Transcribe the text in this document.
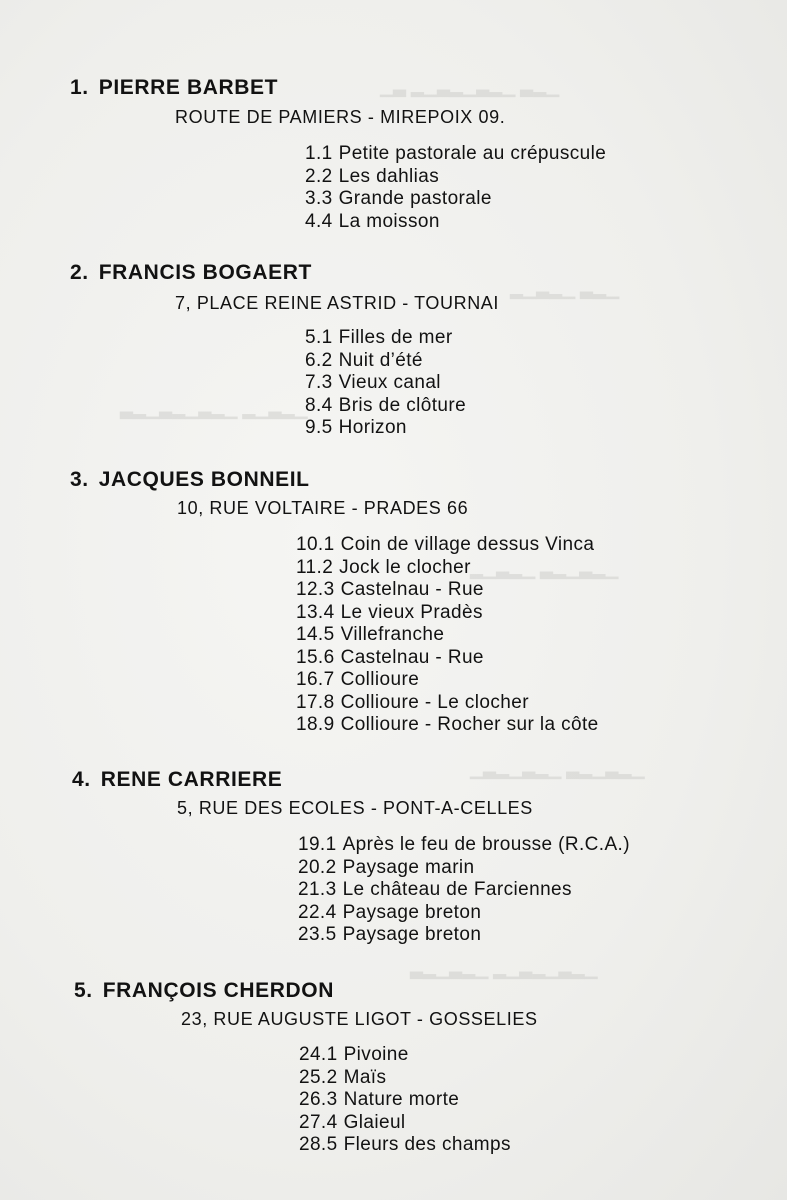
▁▂▃ ▁▂▃▁▂▃▁▂ ▃▁
▁▂▃ ▁▂▃▁▂
▁▂▃▁▂ ▁▂▃▁▂▃▁▂▃
▁▂▃▁▂▃ ▁▂▃▁▂
▁▂▃▁▂▃ ▁▂▃▁▂▃▁
▁▂▃▁▂▃▁▂ ▁▂▃▁▂▃
1. PIERRE BARBET
ROUTE DE PAMIERS - MIREPOIX 09.
1.1 Petite pastorale au crépuscule
2.2 Les dahlias
3.3 Grande pastorale
4.4 La moisson
2. FRANCIS BOGAERT
7, PLACE REINE ASTRID - TOURNAI
5.1 Filles de mer
6.2 Nuit d’été
7.3 Vieux canal
8.4 Bris de clôture
9.5 Horizon
3. JACQUES BONNEIL
10, RUE VOLTAIRE - PRADES 66
10.1 Coin de village dessus Vinca
11.2 Jock le clocher
12.3 Castelnau - Rue
13.4 Le vieux Pradès
14.5 Villefranche
15.6 Castelnau - Rue
16.7 Collioure
17.8 Collioure - Le clocher
18.9 Collioure - Rocher sur la côte
4. RENE CARRIERE
5, RUE DES ECOLES - PONT-A-CELLES
19.1 Après le feu de brousse (R.C.A.)
20.2 Paysage marin
21.3 Le château de Farciennes
22.4 Paysage breton
23.5 Paysage breton
5. FRANÇOIS CHERDON
23, RUE AUGUSTE LIGOT - GOSSELIES
24.1 Pivoine
25.2 Maïs
26.3 Nature morte
27.4 Glaieul
28.5 Fleurs des champs
